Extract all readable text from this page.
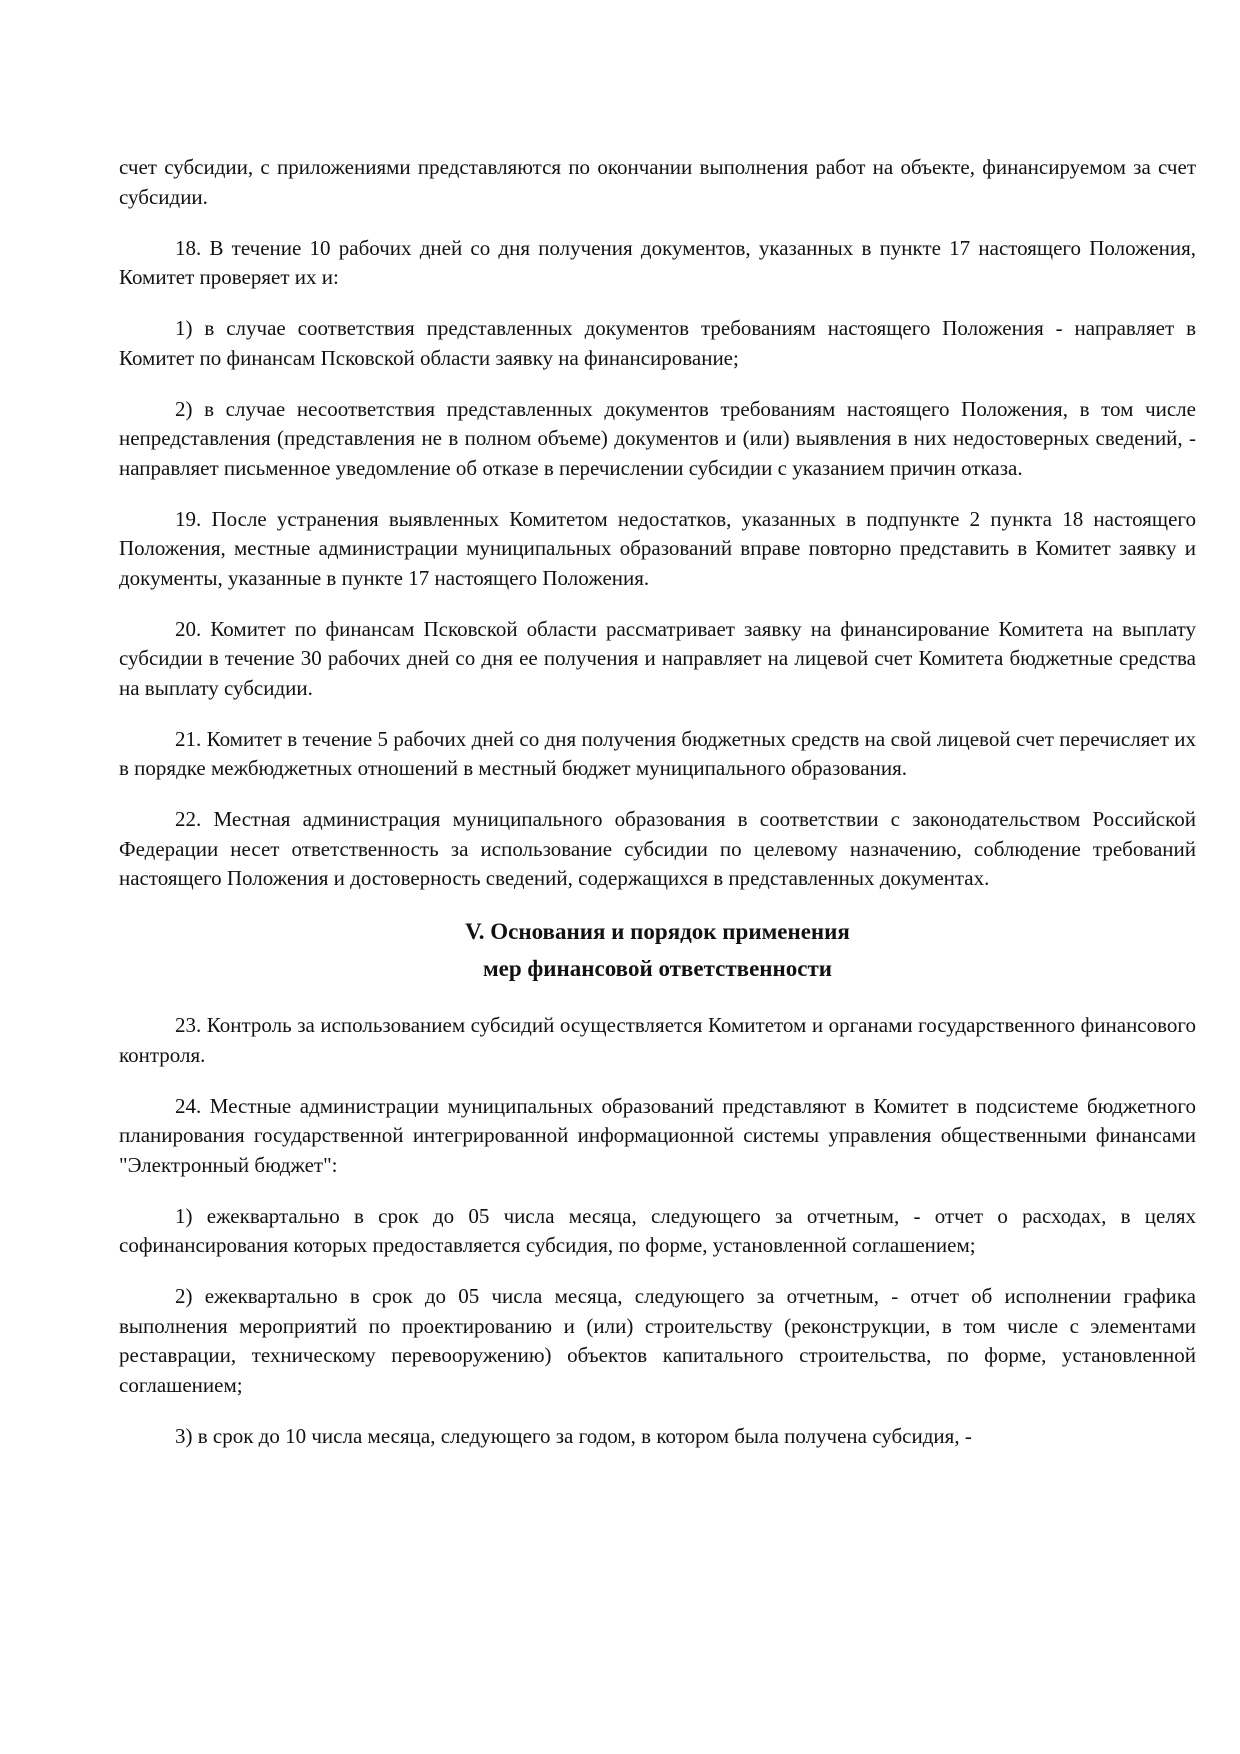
счет субсидии, с приложениями представляются по окончании выполнения работ на объекте, финансируемом за счет субсидии.

18. В течение 10 рабочих дней со дня получения документов, указанных в пункте 17 настоящего Положения, Комитет проверяет их и:

1) в случае соответствия представленных документов требованиям настоящего Положения - направляет в Комитет по финансам Псковской области заявку на финансирование;

2) в случае несоответствия представленных документов требованиям настоящего Положения, в том числе непредставления (представления не в полном объеме) документов и (или) выявления в них недостоверных сведений, - направляет письменное уведомление об отказе в перечислении субсидии с указанием причин отказа.

19. После устранения выявленных Комитетом недостатков, указанных в подпункте 2 пункта 18 настоящего Положения, местные администрации муниципальных образований вправе повторно представить в Комитет заявку и документы, указанные в пункте 17 настоящего Положения.

20. Комитет по финансам Псковской области рассматривает заявку на финансирование Комитета на выплату субсидии в течение 30 рабочих дней со дня ее получения и направляет на лицевой счет Комитета бюджетные средства на выплату субсидии.

21. Комитет в течение 5 рабочих дней со дня получения бюджетных средств на свой лицевой счет перечисляет их в порядке межбюджетных отношений в местный бюджет муниципального образования.

22. Местная администрация муниципального образования в соответствии с законодательством Российской Федерации несет ответственность за использование субсидии по целевому назначению, соблюдение требований настоящего Положения и достоверность сведений, содержащихся в представленных документах.

V. Основания и порядок применения
мер финансовой ответственности

23. Контроль за использованием субсидий осуществляется Комитетом и органами государственного финансового контроля.

24. Местные администрации муниципальных образований представляют в Комитет в подсистеме бюджетного планирования государственной интегрированной информационной системы управления общественными финансами "Электронный бюджет":

1) ежеквартально в срок до 05 числа месяца, следующего за отчетным, - отчет о расходах, в целях софинансирования которых предоставляется субсидия, по форме, установленной соглашением;

2) ежеквартально в срок до 05 числа месяца, следующего за отчетным, - отчет об исполнении графика выполнения мероприятий по проектированию и (или) строительству (реконструкции, в том числе с элементами реставрации, техническому перевооружению) объектов капитального строительства, по форме, установленной соглашением;

3) в срок до 10 числа месяца, следующего за годом, в котором была получена субсидия, -
